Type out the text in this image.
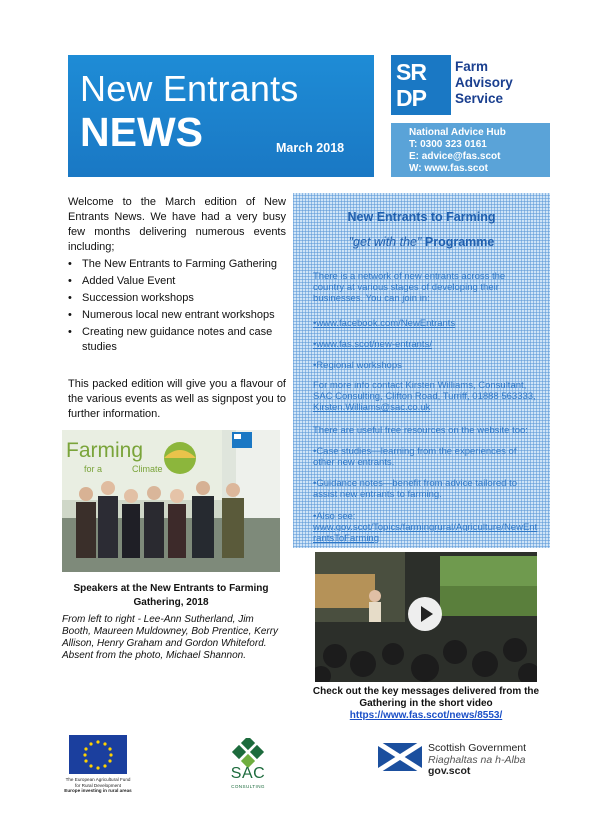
New Entrants
NEWS	March 2018
SR
DP
Farm
Advisory
Service
National Advice Hub
T: 0300 323 0161
E: advice@fas.scot
W: www.fas.scot

Welcome to the March edition of New Entrants News. We have had a very busy few months delivering numerous events including;

• The New Entrants to Farming Gathering
• Added Value Event
• Succession workshops
• Numerous local new entrant workshops
• Creating new guidance notes and case studies

This packed edition will give you a flavour of the various events as well as signpost you to further information.

Farming
for a	Climate
Speakers at the New Entrants to Farming Gathering, 2018
From left to right - Lee-Ann Sutherland, Jim Booth, Maureen Muldowney, Bob Prentice, Kerry Allison, Henry Graham and Gordon Whiteford. Absent from the photo, Michael Shannon.
New Entrants to Farming
"get with the" Programme
There is a network of new entrants across the country at various stages of developing their businesses. You can join in:
•www.facebook.com/NewEntrants
•www.fas.scot/new-entrants/
•Regional workshops
For more info contact Kirsten Williams, Consultant, SAC Consulting, Clifton Road, Turriff, 01888 563333, Kirsten.Williams@sac.co.uk
There are useful free resources on the website too:
•Case studies—learning from the experiences of other new entrants.
•Guidance notes—benefit from advice tailored to assist new entrants to farming.
•Also see:
www.gov.scot/Topics/farmingrural/Agriculture/NewEntrantsToFarming
Check out the key messages delivered from the Gathering in the short video
https://www.fas.scot/news/8553/
The European Agricultural Fund
for Rural Development
Europe investing in rural areas
SAC
CONSULTING
Scottish Government
Riaghaltas na h-Alba
gov.scot
